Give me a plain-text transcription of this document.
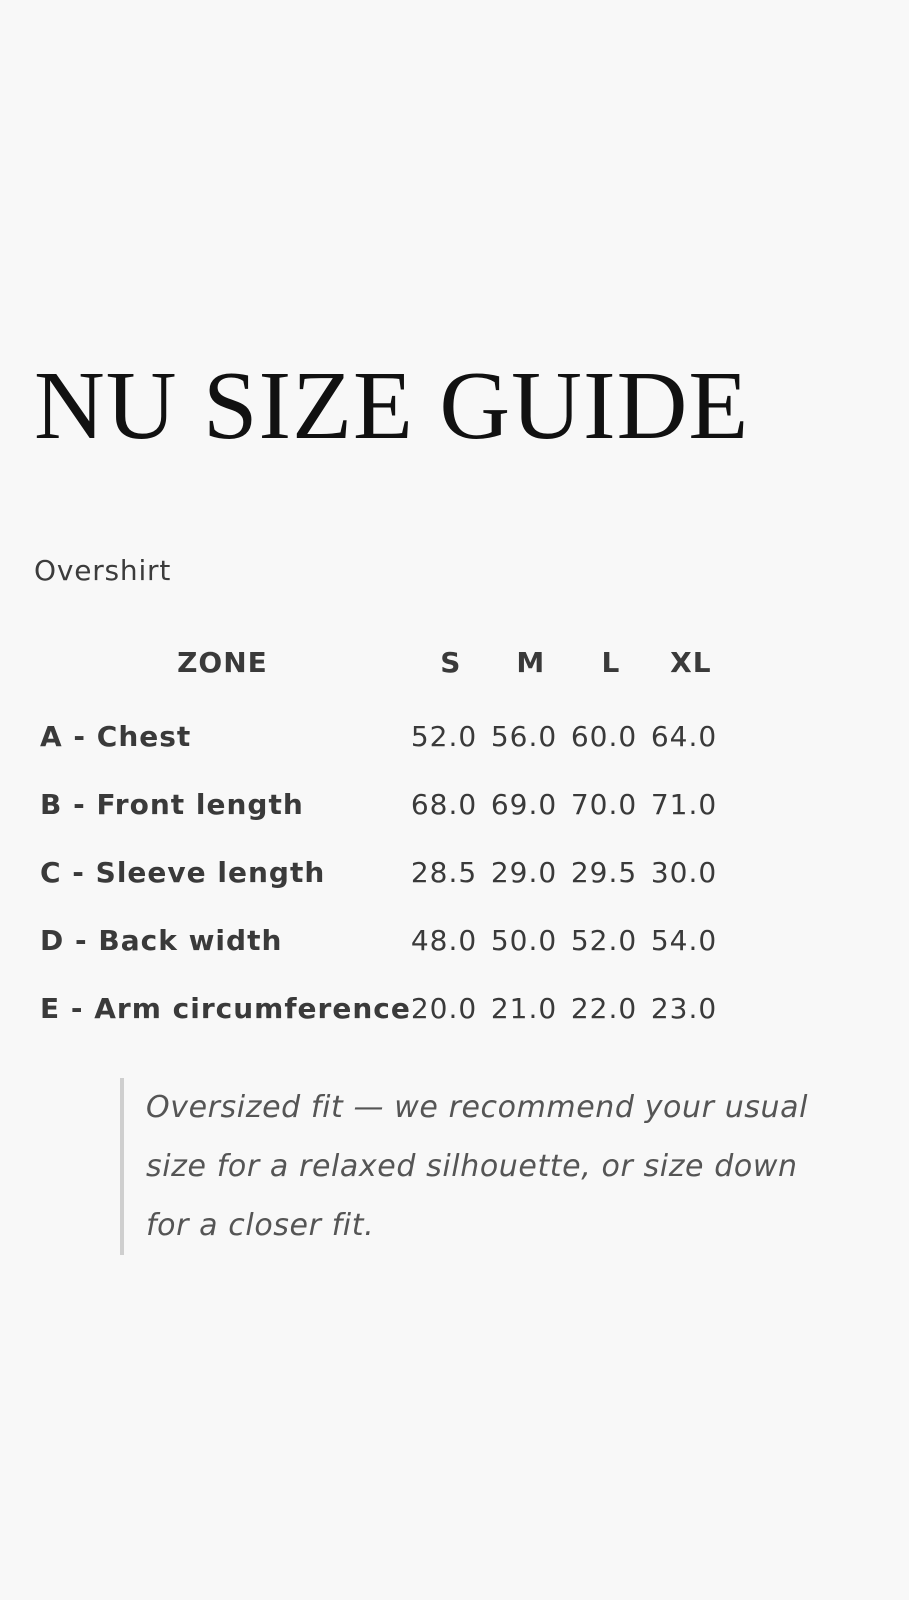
NU SIZE GUIDE
Overshirt
ZONE	S	M	L	XL
A - Chest	52.0	56.0	60.0	64.0
B - Front length	68.0	69.0	70.0	71.0
C - Sleeve length	28.5	29.0	29.5	30.0
D - Back width	48.0	50.0	52.0	54.0
E - Arm circumference	20.0	21.0	22.0	23.0
Oversized fit — we recommend your usual size for a relaxed silhouette, or size down for a closer fit.
